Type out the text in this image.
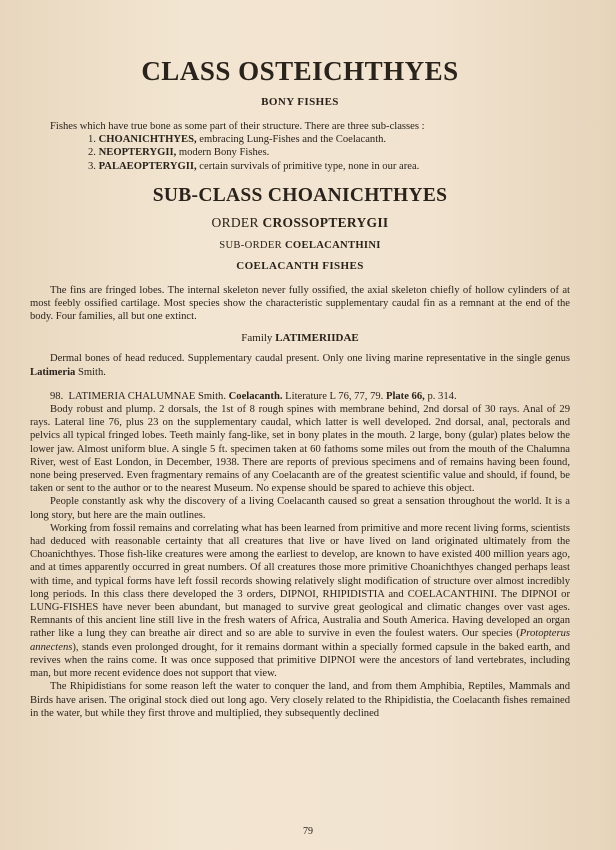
CLASS OSTEICHTHYES
BONY FISHES

Fishes which have true bone as some part of their structure. There are three sub-classes :

1. CHOANICHTHYES, embracing Lung-Fishes and the Coelacanth.
2. NEOPTERYGII, modern Bony Fishes.
3. PALAEOPTERYGII, certain survivals of primitive type, none in our area.
SUB-CLASS CHOANICHTHYES
ORDER CROSSOPTERYGII
SUB-ORDER COELACANTHINI
COELACANTH FISHES

The fins are fringed lobes. The internal skeleton never fully ossified, the axial skeleton chiefly of hollow cylinders of at most feebly ossified cartilage. Most species show the characteristic supplementary caudal fin as a remnant at the end of the body. Four families, all but one extinct.

Family LATIMERIIDAE

Dermal bones of head reduced. Supplementary caudal present. Only one living marine representative in the single genus Latimeria Smith.

98. LATIMERIA CHALUMNAE Smith. Coelacanth. Literature L 76, 77, 79. Plate 66, p. 314.

Body robust and plump. 2 dorsals, the 1st of 8 rough spines with membrane behind, 2nd dorsal of 30 rays. Anal of 29 rays. Lateral line 76, plus 23 on the supplementary caudal, which latter is well developed. 2nd dorsal, anal, pectorals and pelvics all typical fringed lobes. Teeth mainly fang-like, set in bony plates in the mouth. 2 large, bony (gular) plates below the lower jaw. Almost uniform blue. A single 5 ft. specimen taken at 60 fathoms some miles out from the mouth of the Chalumna River, west of East London, in December, 1938. There are reports of previous specimens and of remains having been found, none being preserved. Even fragmentary remains of any Coelacanth are of the greatest scientific value and should, if found, be taken or sent to the author or to the nearest Museum. No expense should be spared to achieve this object.

People constantly ask why the discovery of a living Coelacanth caused so great a sensation throughout the world. It is a long story, but here are the main outlines.

Working from fossil remains and correlating what has been learned from primitive and more recent living forms, scientists had deduced with reasonable certainty that all creatures that live or have lived on land originated ultimately from the Choanichthyes. Those fish-like creatures were among the earliest to develop, are known to have existed 400 million years ago, and at times apparently occurred in great numbers. Of all creatures those more primitive Choanichthyes changed perhaps least with time, and typical forms have left fossil records showing relatively slight modification of structure over almost incredibly long periods. In this class there developed the 3 orders, DIPNOI, RHIPIDISTIA and COELACANTHINI. The DIPNOI or LUNG-FISHES have never been abundant, but managed to survive great geological and climatic changes over vast ages. Remnants of this ancient line still live in the fresh waters of Africa, Australia and South America. Having developed an organ rather like a lung they can breathe air direct and so are able to survive in even the foulest waters. Our species (Protopterus annectens), stands even prolonged drought, for it remains dormant within a specially formed capsule in the baked earth, and revives when the rains come. It was once supposed that primitive DIPNOI were the ancestors of land vertebrates, including man, but more recent evidence does not support that view.

The Rhipidistians for some reason left the water to conquer the land, and from them Amphibia, Reptiles, Mammals and Birds have arisen. The original stock died out long ago. Very closely related to the Rhipidistia, the Coelacanth fishes remained in the water, but while they first throve and multiplied, they subsequently declined

79
